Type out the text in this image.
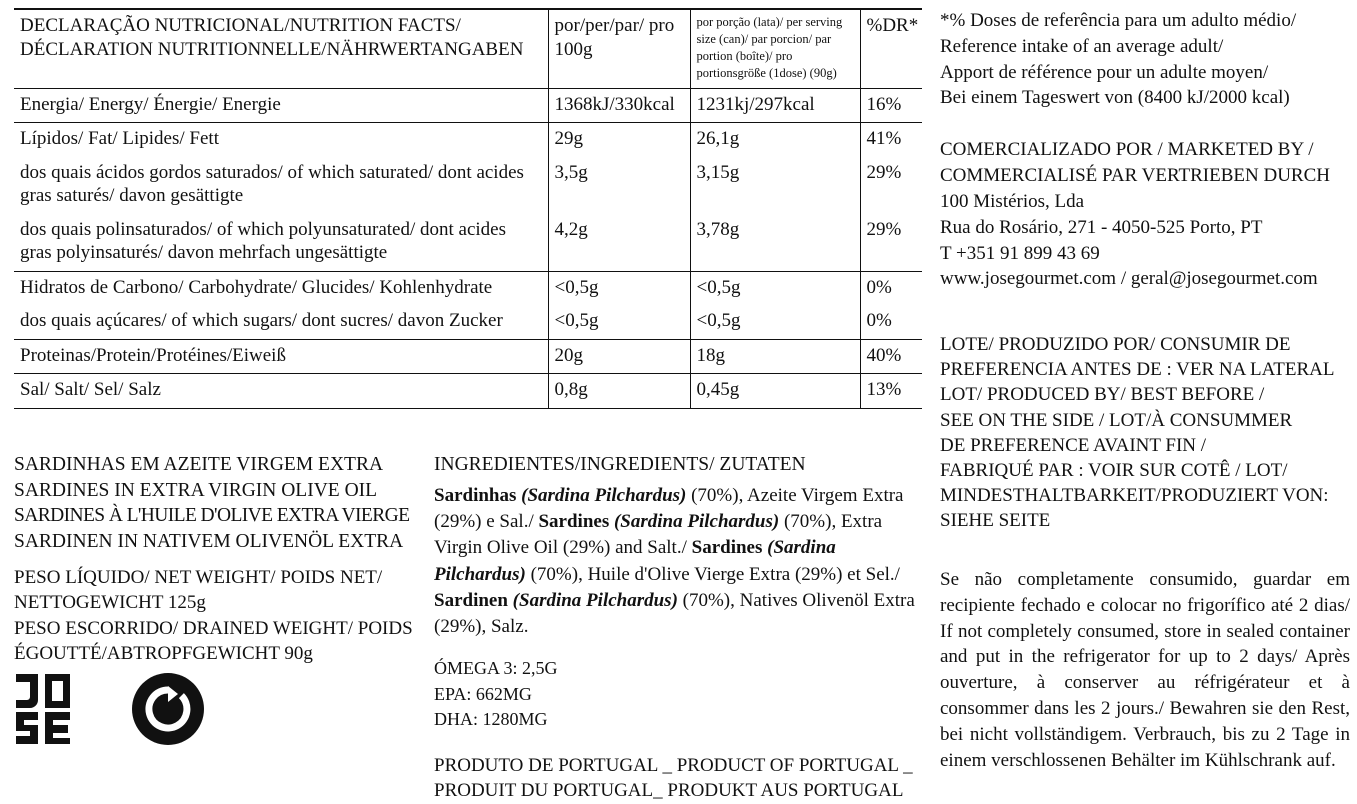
DECLARAÇÃO NUTRICIONAL/NUTRITION FACTS/ DÉCLARATION NUTRITIONNELLE/NÄHRWERTANGABEN	por/per/par/ pro 100g	por porção (lata)/ per serving size (can)/ par porcion/ par portion (boîte)/ pro portionsgröße (1dose) (90g)	%DR*
Energia/ Energy/ Énergie/ Energie	1368kJ/330kcal	1231kj/297kcal	16%
Lípidos/ Fat/ Lipides/ Fett	29g	26,1g	41%
dos quais ácidos gordos saturados/ of which saturated/ dont acides gras saturés/ davon gesättigte	3,5g	3,15g	29%
dos quais polinsaturados/ of which polyunsaturated/ dont acides gras polyinsaturés/ davon mehrfach ungesättigte	4,2g	3,78g	29%
Hidratos de Carbono/ Carbohydrate/ Glucides/ Kohlenhydrate	<0,5g	<0,5g	0%
dos quais açúcares/ of which sugars/ dont sucres/ davon Zucker	<0,5g	<0,5g	0%
Proteinas/Protein/Protéines/Eiweiß	20g	18g	40%
Sal/ Salt/ Sel/ Salz	0,8g	0,45g	13%

SARDINHAS EM AZEITE VIRGEM EXTRA
SARDINES IN EXTRA VIRGIN OLIVE OIL
SARDINES À L'HUILE D'OLIVE EXTRA VIERGE
SARDINEN IN NATIVEM OLIVENÖL EXTRA
PESO LÍQUIDO/ NET WEIGHT/ POIDS NET/ NETTOGEWICHT 125g
PESO ESCORRIDO/ DRAINED WEIGHT/ POIDS ÉGOUTTÉ/ABTROPFGEWICHT 90g
INGREDIENTES/INGREDIENTS/ ZUTATEN

Sardinhas (Sardina Pilchardus) (70%), Azeite Virgem Extra (29%) e Sal./ Sardines (Sardina Pilchardus) (70%), Extra Virgin Olive Oil (29%) and Salt./ Sardines (Sardina Pilchardus) (70%), Huile d'Olive Vierge Extra (29%) et Sel./ Sardinen (Sardina Pilchardus) (70%), Natives Olivenöl Extra (29%), Salz.

ÓMEGA 3: 2,5G
EPA: 662MG
DHA: 1280MG
PRODUTO DE PORTUGAL _ PRODUCT OF PORTUGAL _ PRODUIT DU PORTUGAL_ PRODUKT AUS PORTUGAL
*% Doses de referência para um adulto médio/
Reference intake of an average adult/
Apport de référence pour un adulte moyen/
Bei einem Tageswert von (8400 kJ/2000 kcal)
COMERCIALIZADO POR / MARKETED BY /
COMMERCIALISÉ PAR VERTRIEBEN DURCH
100 Mistérios, Lda
Rua do Rosário, 271 - 4050-525 Porto, PT
T +351 91 899 43 69
www.josegourmet.com / geral@josegourmet.com
LOTE/ PRODUZIDO POR/ CONSUMIR DE
PREFERENCIA ANTES DE : VER NA LATERAL
LOT/ PRODUCED BY/ BEST BEFORE /
SEE ON THE SIDE / LOT/À CONSUMMER
DE PREFERENCE AVAINT FIN /
FABRIQUÉ PAR : VOIR SUR COTÊ / LOT/
MINDESTHALTBARKEIT/PRODUZIERT VON:
SIEHE SEITE
Se não completamente consumido, guardar em recipiente fechado e colocar no frigorífico até 2 dias/ If not completely consumed, store in sealed container and put in the refrigerator for up to 2 days/ Après ouverture, à conserver au réfrigérateur et à consommer dans les 2 jours./ Bewahren sie den Rest, bei nicht vollständigem. Verbrauch, bis zu 2 Tage in einem verschlossenen Behälter im Kühlschrank auf.
